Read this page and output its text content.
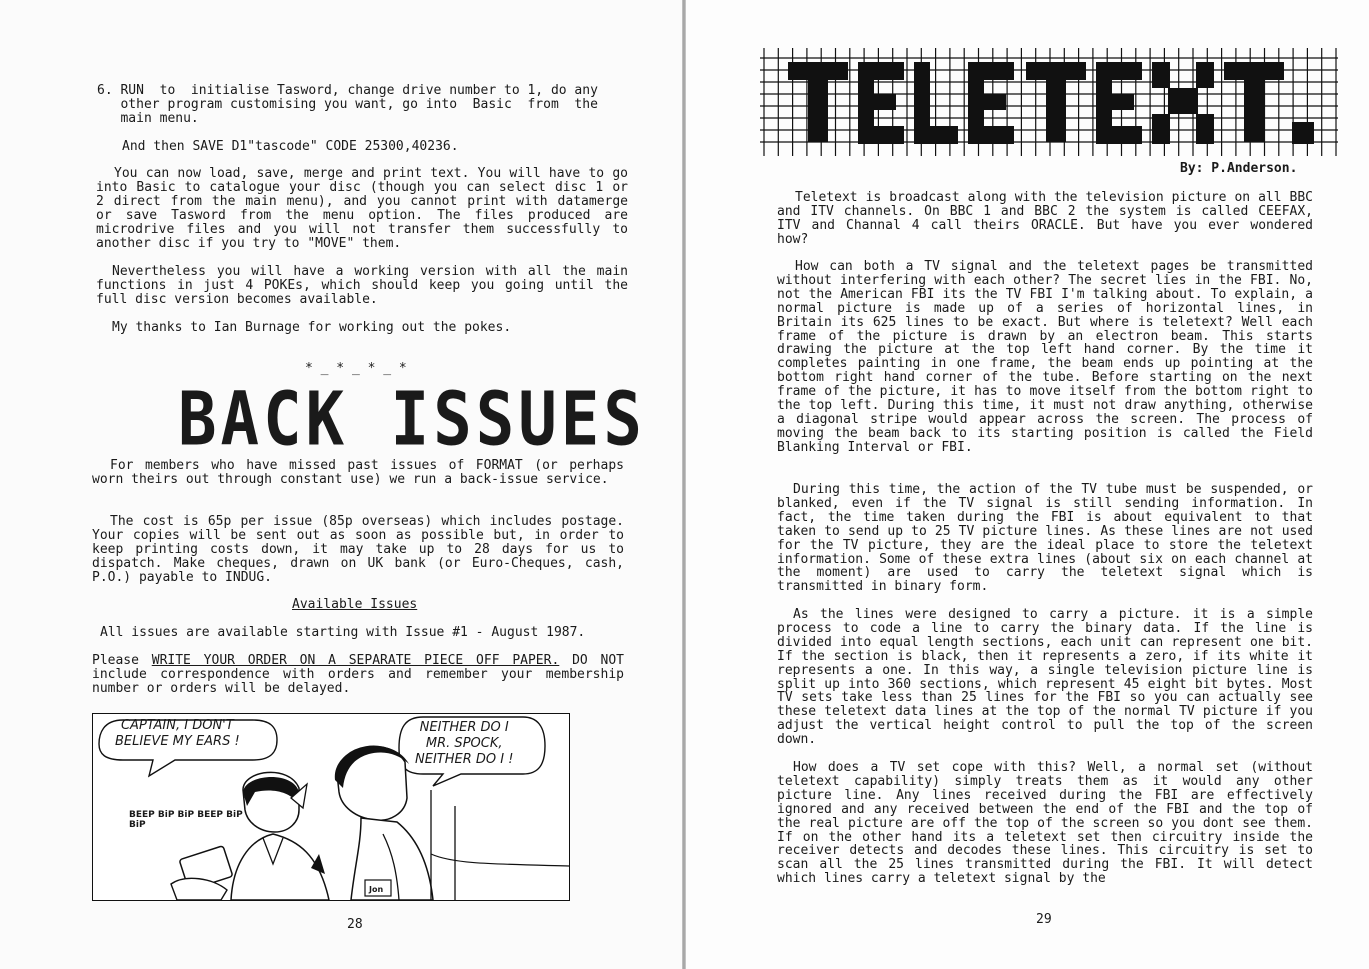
6. RUN  to  initialise Tasword, change drive number to 1, do any
other program customising you want, go into  Basic  from  the
main menu.
And then SAVE D1"tascode" CODE 25300,40236.
You can now load, save, merge and print text. You will have to go into Basic to catalogue your disc (though you can select disc 1 or 2 direct from the main menu), and you cannot print with datamerge or save Tasword from the menu option. The files produced are microdrive files and you will not transfer them successfully to another disc if you try to "MOVE" them.
Nevertheless you will have a working version with all the main functions in just 4 POKEs, which should keep you going until the full disc version becomes available.
My thanks to Ian Burnage for working out the pokes.
* _ * _ * _ *
BACK ISSUES
For members who have missed past issues of FORMAT (or perhaps worn theirs out through constant use) we run a back-issue service.
The cost is 65p per issue (85p overseas) which includes postage. Your copies will be sent out as soon as possible but, in order to keep printing costs down, it may take up to 28 days for us to dispatch. Make cheques, drawn on UK bank (or Euro-Cheques, cash, P.O.) payable to INDUG.
Available Issues
All issues are available starting with Issue #1 - August 1987.
Please WRITE YOUR ORDER ON A SEPARATE PIECE OFF PAPER. DO NOT include correspondence with orders and remember your membership number or orders will be delayed.
CAPTAIN, I DON'T
BELIEVE MY EARS !
NEITHER DO I
MR. SPOCK,
NEITHER DO I !
BEEP BiP BiP BEEP BiP BiP
Jon
28
TELETEXT.
By: P.Anderson.
Teletext is broadcast along with the television picture on all BBC and ITV channels. On BBC 1 and BBC 2 the system is called CEEFAX, ITV and Channal 4 call theirs ORACLE. But have you ever wondered how?
How can both a TV signal and the teletext pages be transmitted without interfering with each other? The secret lies in the FBI. No, not the American FBI its the TV FBI I'm talking about. To explain, a normal picture is made up of a series of horizontal lines, in Britain its 625 lines to be exact. But where is teletext? Well each frame of the picture is drawn by an electron beam. This starts drawing the picture at the top left hand corner. By the time it completes painting in one frame, the beam ends up pointing at the bottom right hand corner of the tube. Before starting on the next frame of the picture, it has to move itself from the bottom right to the top left. During this time, it must not draw anything, otherwise a diagonal stripe would appear across the screen. The process of moving the beam back to its starting position is called the Field Blanking Interval or FBI.
During this time, the action of the TV tube must be suspended, or blanked, even if the TV signal is still sending information. In fact, the time taken during the FBI is about equivalent to that taken to send up to 25 TV picture lines. As these lines are not used for the TV picture, they are the ideal place to store the teletext information. Some of these extra lines (about six on each channel at the moment) are used to carry the teletext signal which is transmitted in binary form.
As the lines were designed to carry a picture. it is a simple process to code a line to carry the binary data. If the line is divided into equal length sections, each unit can represent one bit. If the section is black, then it represents a zero, if its white it represents a one. In this way, a single television picture line is split up into 360 sections, which represent 45 eight bit bytes. Most TV sets take less than 25 lines for the FBI so you can actually see these teletext data lines at the top of the normal TV picture if you adjust the vertical height control to pull the top of the screen down.
How does a TV set cope with this? Well, a normal set (without teletext capability) simply treats them as it would any other picture line. Any lines received during the FBI are effectively ignored and any received between the end of the FBI and the top of the real picture are off the top of the screen so you dont see them. If on the other hand its a teletext set then circuitry inside the receiver detects and decodes these lines. This circuitry is set to scan all the 25 lines transmitted during the FBI. It will detect which lines carry a teletext signal by the
29
